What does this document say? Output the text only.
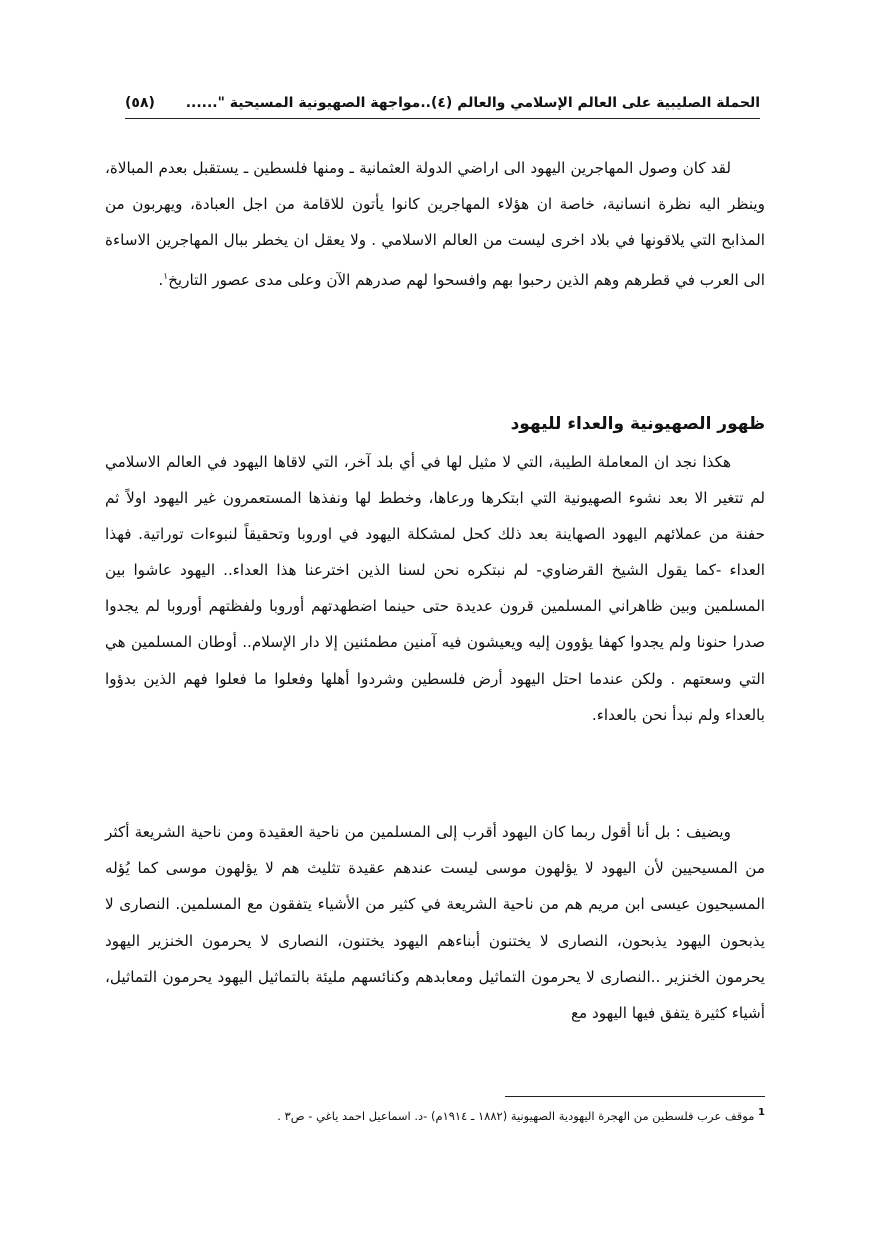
الحملة الصليبية على العالم الإسلامي والعالم (٤)..مواجهة الصهيونية المسيحية "......
(٥٨)

لقد كان وصول المهاجرين اليهود الى اراضي الدولة العثمانية ـ ومنها فلسطين ـ يستقبل بعدم المبالاة، وينظر اليه نظرة انسانية، خاصة ان هؤلاء المهاجرين كانوا يأتون للاقامة من اجل العبادة، ويهربون من المذابح التي يلاقونها في بلاد اخرى ليست من العالم الاسلامي . ولا يعقل ان يخطر ببال المهاجرين الاساءة الى العرب في قطرهم وهم الذين رحبوا بهم وافسحوا لهم صدرهم الآن وعلى مدى عصور التاريخ$^١$.

ظهور الصهيونية والعداء لليهود

هكذا نجد ان المعاملة الطيبة، التي لا مثيل لها في أي بلد آخر، التي لاقاها اليهود في العالم الاسلامي لم تتغير الا بعد نشوء الصهيونية التي ابتكرها ورعاها، وخطط لها ونفذها المستعمرون غير اليهود اولاً ثم حفنة من عملائهم اليهود الصهاينة بعد ذلك كحل لمشكلة اليهود في اوروبا وتحقيقاً لنبوءات توراتية. فهذا العداء -كما يقول الشيخ القرضاوي- لم نبتكره نحن لسنا الذين اخترعنا هذا العداء.. اليهود عاشوا بين المسلمين وبين ظاهراني المسلمين قرون عديدة حتى حينما اضطهدتهم أوروبا ولفظتهم أوروبا لم يجدوا صدرا حنونا ولم يجدوا كهفا يؤوون إليه ويعيشون فيه آمنين مطمئنين إلا دار الإسلام.. أوطان المسلمين هي التي وسعتهم . ولكن عندما احتل اليهود أرض فلسطين وشردوا أهلها وفعلوا ما فعلوا فهم الذين بدؤوا بالعداء ولم نبدأ نحن بالعداء.

ويضيف : بل أنا أقول ربما كان اليهود أقرب إلى المسلمين من ناحية العقيدة ومن ناحية الشريعة أكثر من المسيحيين لأن اليهود لا يؤلهون موسى ليست عندهم عقيدة تثليث هم لا يؤلهون موسى كما يُؤله المسيحيون عيسى ابن مريم هم من ناحية الشريعة في كثير من الأشياء يتفقون مع المسلمين. النصارى لا يذبحون اليهود يذبحون، النصارى لا يختنون أبناءهم اليهود يختنون، النصارى لا يحرمون الخنزير اليهود يحرمون الخنزير ..النصارى لا يحرمون التماثيل ومعابدهم وكنائسهم مليئة بالتماثيل اليهود يحرمون التماثيل، أشياء كثيرة يتفق فيها اليهود مع

1 موقف عرب فلسطين من الهجرة اليهودية الصهيونية (١٨٨٢ ـ ١٩١٤م) -د. اسماعيل احمد ياغي - ص٣ .
